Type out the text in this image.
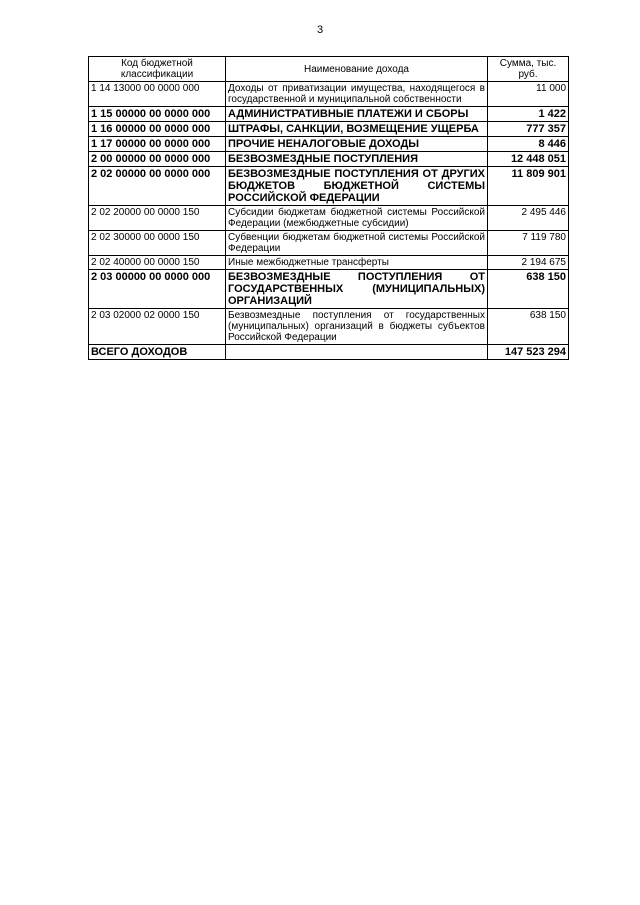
3
Код бюджетной классификации	Наименование дохода	Сумма, тыс. руб.
1 14 13000 00 0000 000	Доходы от приватизации имущества, находящегося в государственной и муниципальной собственности	11 000
1 15 00000 00 0000 000	АДМИНИСТРАТИВНЫЕ ПЛАТЕЖИ И СБОРЫ	1 422
1 16 00000 00 0000 000	ШТРАФЫ, САНКЦИИ, ВОЗМЕЩЕНИЕ УЩЕРБА	777 357
1 17 00000 00 0000 000	ПРОЧИЕ НЕНАЛОГОВЫЕ ДОХОДЫ	8 446
2 00 00000 00 0000 000	БЕЗВОЗМЕЗДНЫЕ ПОСТУПЛЕНИЯ	12 448 051
2 02 00000 00 0000 000	БЕЗВОЗМЕЗДНЫЕ ПОСТУПЛЕНИЯ ОТ ДРУГИХ БЮДЖЕТОВ БЮДЖЕТНОЙ СИСТЕМЫ РОССИЙСКОЙ ФЕДЕРАЦИИ	11 809 901
2 02 20000 00 0000 150	Субсидии бюджетам бюджетной системы Российской Федерации (межбюджетные субсидии)	2 495 446
2 02 30000 00 0000 150	Субвенции бюджетам бюджетной системы Российской Федерации	7 119 780
2 02 40000 00 0000 150	Иные межбюджетные трансферты	2 194 675
2 03 00000 00 0000 000	БЕЗВОЗМЕЗДНЫЕ ПОСТУПЛЕНИЯ ОТ ГОСУДАРСТВЕННЫХ (МУНИЦИПАЛЬНЫХ) ОРГАНИЗАЦИЙ	638 150
2 03 02000 02 0000 150	Безвозмездные поступления от государственных (муниципальных) организаций в бюджеты субъектов Российской Федерации	638 150
ВСЕГО ДОХОДОВ		147 523 294
